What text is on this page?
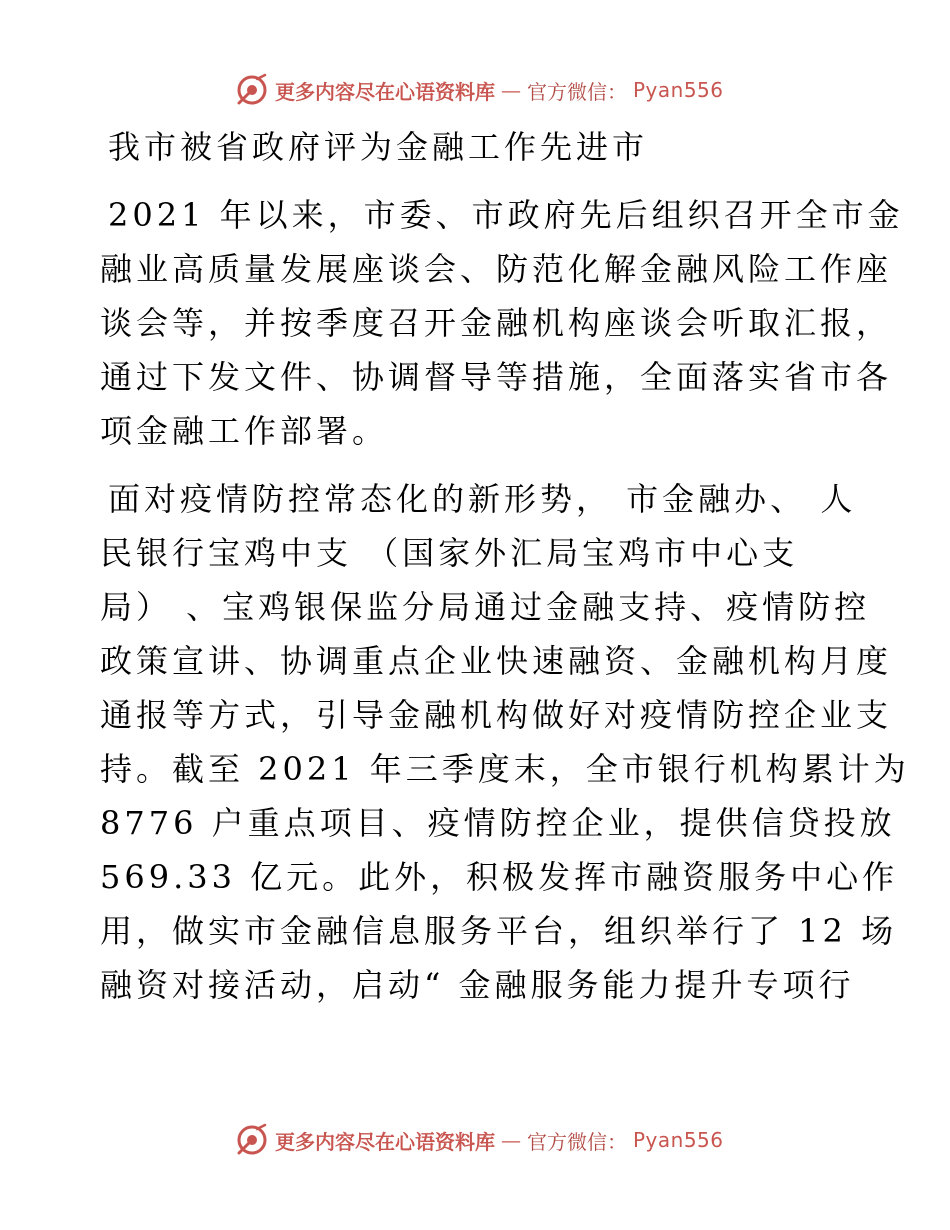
更多内容尽在心语资料库 — 官方微信： Pyan556
我市被省政府评为金融工作先进市
2021 年以来，市委、市政府先后组织召开全市金
融业高质量发展座谈会、防范化解金融风险工作座
谈会等，并按季度召开金融机构座谈会听取汇报，
通过下发文件、协调督导等措施，全面落实省市各
项金融工作部署。
面对疫情防控常态化的新形势， 市金融办、 人
民银行宝鸡中支 （国家外汇局宝鸡市中心支
局） 、宝鸡银保监分局通过金融支持、疫情防控
政策宣讲、协调重点企业快速融资、金融机构月度
通报等方式，引导金融机构做好对疫情防控企业支
持。截至 2021 年三季度末，全市银行机构累计为
8776 户重点项目、疫情防控企业，提供信贷投放
569.33 亿元。此外，积极发挥市融资服务中心作
用，做实市金融信息服务平台，组织举行了 12 场
融资对接活动，启动“ 金融服务能力提升专项行
更多内容尽在心语资料库 — 官方微信： Pyan556
